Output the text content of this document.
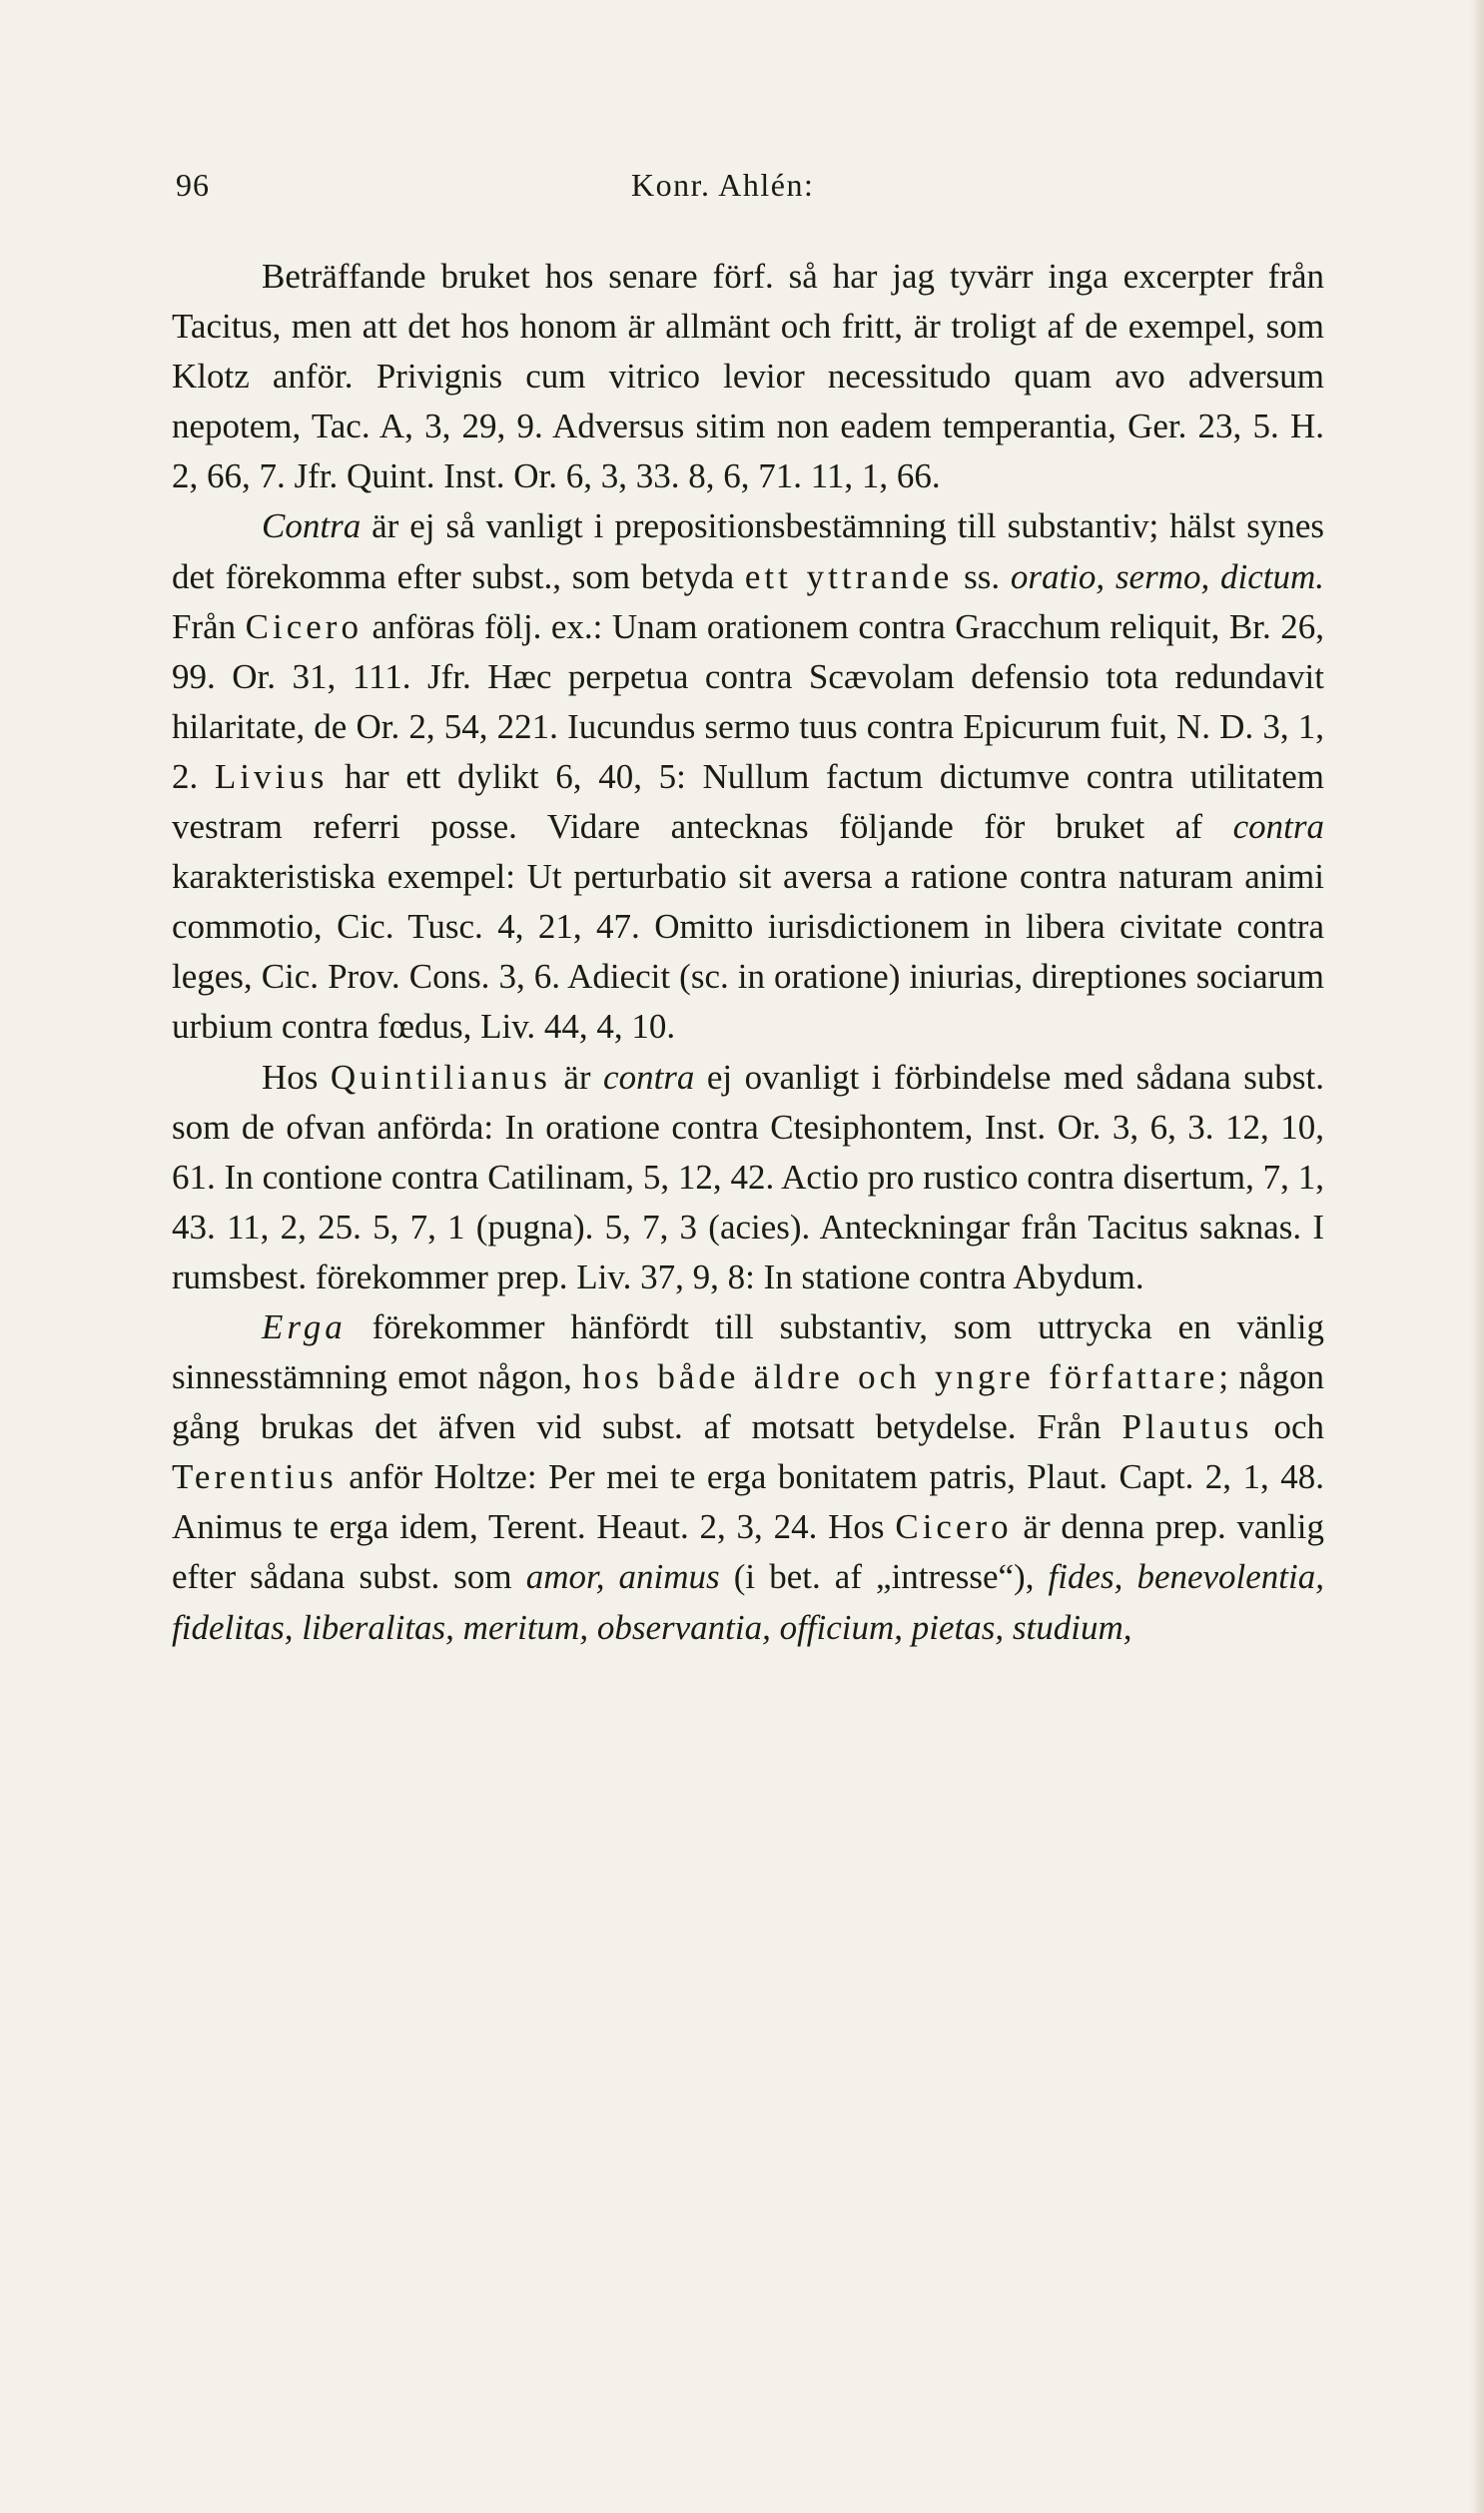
96	Konr. Ahlén:

Beträffande bruket hos senare förf. så har jag tyvärr inga excerpter från Tacitus, men att det hos honom är allmänt och fritt, är troligt af de exempel, som Klotz anför. Privignis cum vitrico levior necessitudo quam avo adversum nepotem, Tac. A, 3, 29, 9. Adversus sitim non eadem temperantia, Ger. 23, 5. H. 2, 66, 7. Jfr. Quint. Inst. Or. 6, 3, 33. 8, 6, 71. 11, 1, 66.

Contra är ej så vanligt i prepositionsbestämning till substantiv; hälst synes det förekomma efter subst., som betyda ett yttrande ss. oratio, sermo, dictum. Från Cicero anföras följ. ex.: Unam orationem contra Gracchum reliquit, Br. 26, 99. Or. 31, 111. Jfr. Hæc perpetua contra Scævolam defensio tota redundavit hilaritate, de Or. 2, 54, 221. Iucundus sermo tuus contra Epicurum fuit, N. D. 3, 1, 2. Livius har ett dylikt 6, 40, 5: Nullum factum dictumve contra utilitatem vestram referri posse. Vidare antecknas följande för bruket af contra karakteristiska exempel: Ut perturbatio sit aversa a ratione contra naturam animi commotio, Cic. Tusc. 4, 21, 47. Omitto iurisdictionem in libera civitate contra leges, Cic. Prov. Cons. 3, 6. Adiecit (sc. in oratione) iniurias, direptiones sociarum urbium contra fœdus, Liv. 44, 4, 10.

Hos Quintilianus är contra ej ovanligt i förbindelse med sådana subst. som de ofvan anförda: In oratione contra Ctesiphontem, Inst. Or. 3, 6, 3. 12, 10, 61. In contione contra Catilinam, 5, 12, 42. Actio pro rustico contra disertum, 7, 1, 43. 11, 2, 25. 5, 7, 1 (pugna). 5, 7, 3 (acies). Anteckningar från Tacitus saknas. I rumsbest. förekommer prep. Liv. 37, 9, 8: In statione contra Abydum.

Erga förekommer hänfördt till substantiv, som uttrycka en vänlig sinnesstämning emot någon, hos både äldre och yngre författare; någon gång brukas det äfven vid subst. af motsatt betydelse. Från Plautus och Terentius anför Holtze: Per mei te erga bonitatem patris, Plaut. Capt. 2, 1, 48. Animus te erga idem, Terent. Heaut. 2, 3, 24. Hos Cicero är denna prep. vanlig efter sådana subst. som amor, animus (i bet. af „intresse“), fides, benevolentia, fidelitas, liberalitas, meritum, observantia, officium, pietas, studium,
